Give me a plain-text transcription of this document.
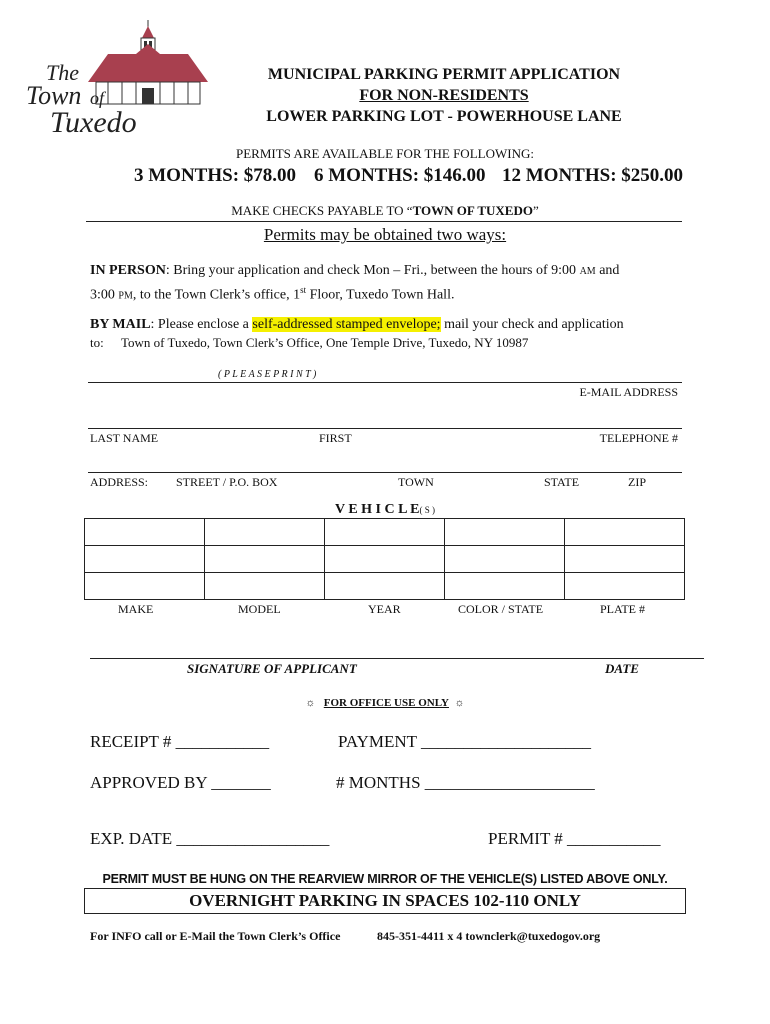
The
Town of
Tuxedo
MUNICIPAL PARKING PERMIT APPLICATION
FOR NON-RESIDENTS
LOWER PARKING LOT - POWERHOUSE LANE
PERMITS ARE AVAILABLE FOR THE FOLLOWING:
3 MONTHS: $78.00 6 MONTHS: $146.00 12 MONTHS: $250.00
MAKE CHECKS PAYABLE TO “TOWN OF TUXEDO”
Permits may be obtained two ways:
IN PERSON: Bring your application and check Mon – Fri., between the hours of 9:00 AM and
3:00 PM, to the Town Clerk’s office, 1st Floor, Tuxedo Town Hall.
BY MAIL: Please enclose a self-addressed stamped envelope; mail your check and application
to: Town of Tuxedo, Town Clerk’s Office, One Temple Drive, Tuxedo, NY 10987
( P L E A S E P R I N T )
E-MAIL ADDRESS
LAST NAME	FIRST	TELEPHONE #
ADDRESS: STREET / P.O. BOX	TOWN	STATE	ZIP
V E H I C L E( S )

MAKE	MODEL	YEAR	COLOR / STATE	PLATE #
SIGNATURE OF APPLICANT	DATE
☼ FOR OFFICE USE ONLY ☼
RECEIPT # ___________	PAYMENT ____________________
APPROVED BY _______	# MONTHS ____________________
EXP. DATE __________________	PERMIT # ___________
PERMIT MUST BE HUNG ON THE REARVIEW MIRROR OF THE VEHICLE(S) LISTED ABOVE ONLY.
OVERNIGHT PARKING IN SPACES 102-110 ONLY
For INFO call or E-Mail the Town Clerk’s Office	845-351-4411 x 4 townclerk@tuxedogov.org
